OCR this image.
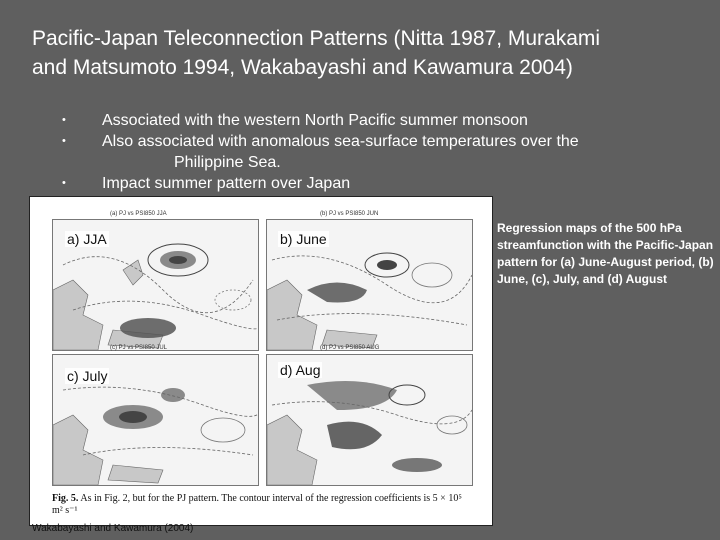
Pacific-Japan Teleconnection Patterns (Nitta 1987, Murakami and Matsumoto 1994, Wakabayashi and Kawamura 2004)
• Associated with the western North Pacific summer monsoon
• Also associated with anomalous sea-surface temperatures over the
Philippine Sea.
• Impact summer pattern over Japan
(a) PJ vs PSI850 JJA
a) JJA
(b) PJ vs PSI850 JUN
b) June
(c) PJ vs PSI850 JUL
c) July
(d) PJ vs PSI850 AUG
d) Aug
Fig. 5. As in Fig. 2, but for the PJ pattern. The contour interval of the regression coefficients is 5 × 10⁵ m² s⁻¹
Wakabayashi and Kawamura (2004)
Regression maps of the 500 hPa streamfunction with the Pacific-Japan pattern for (a) June-August period, (b) June, (c), July, and (d) August
